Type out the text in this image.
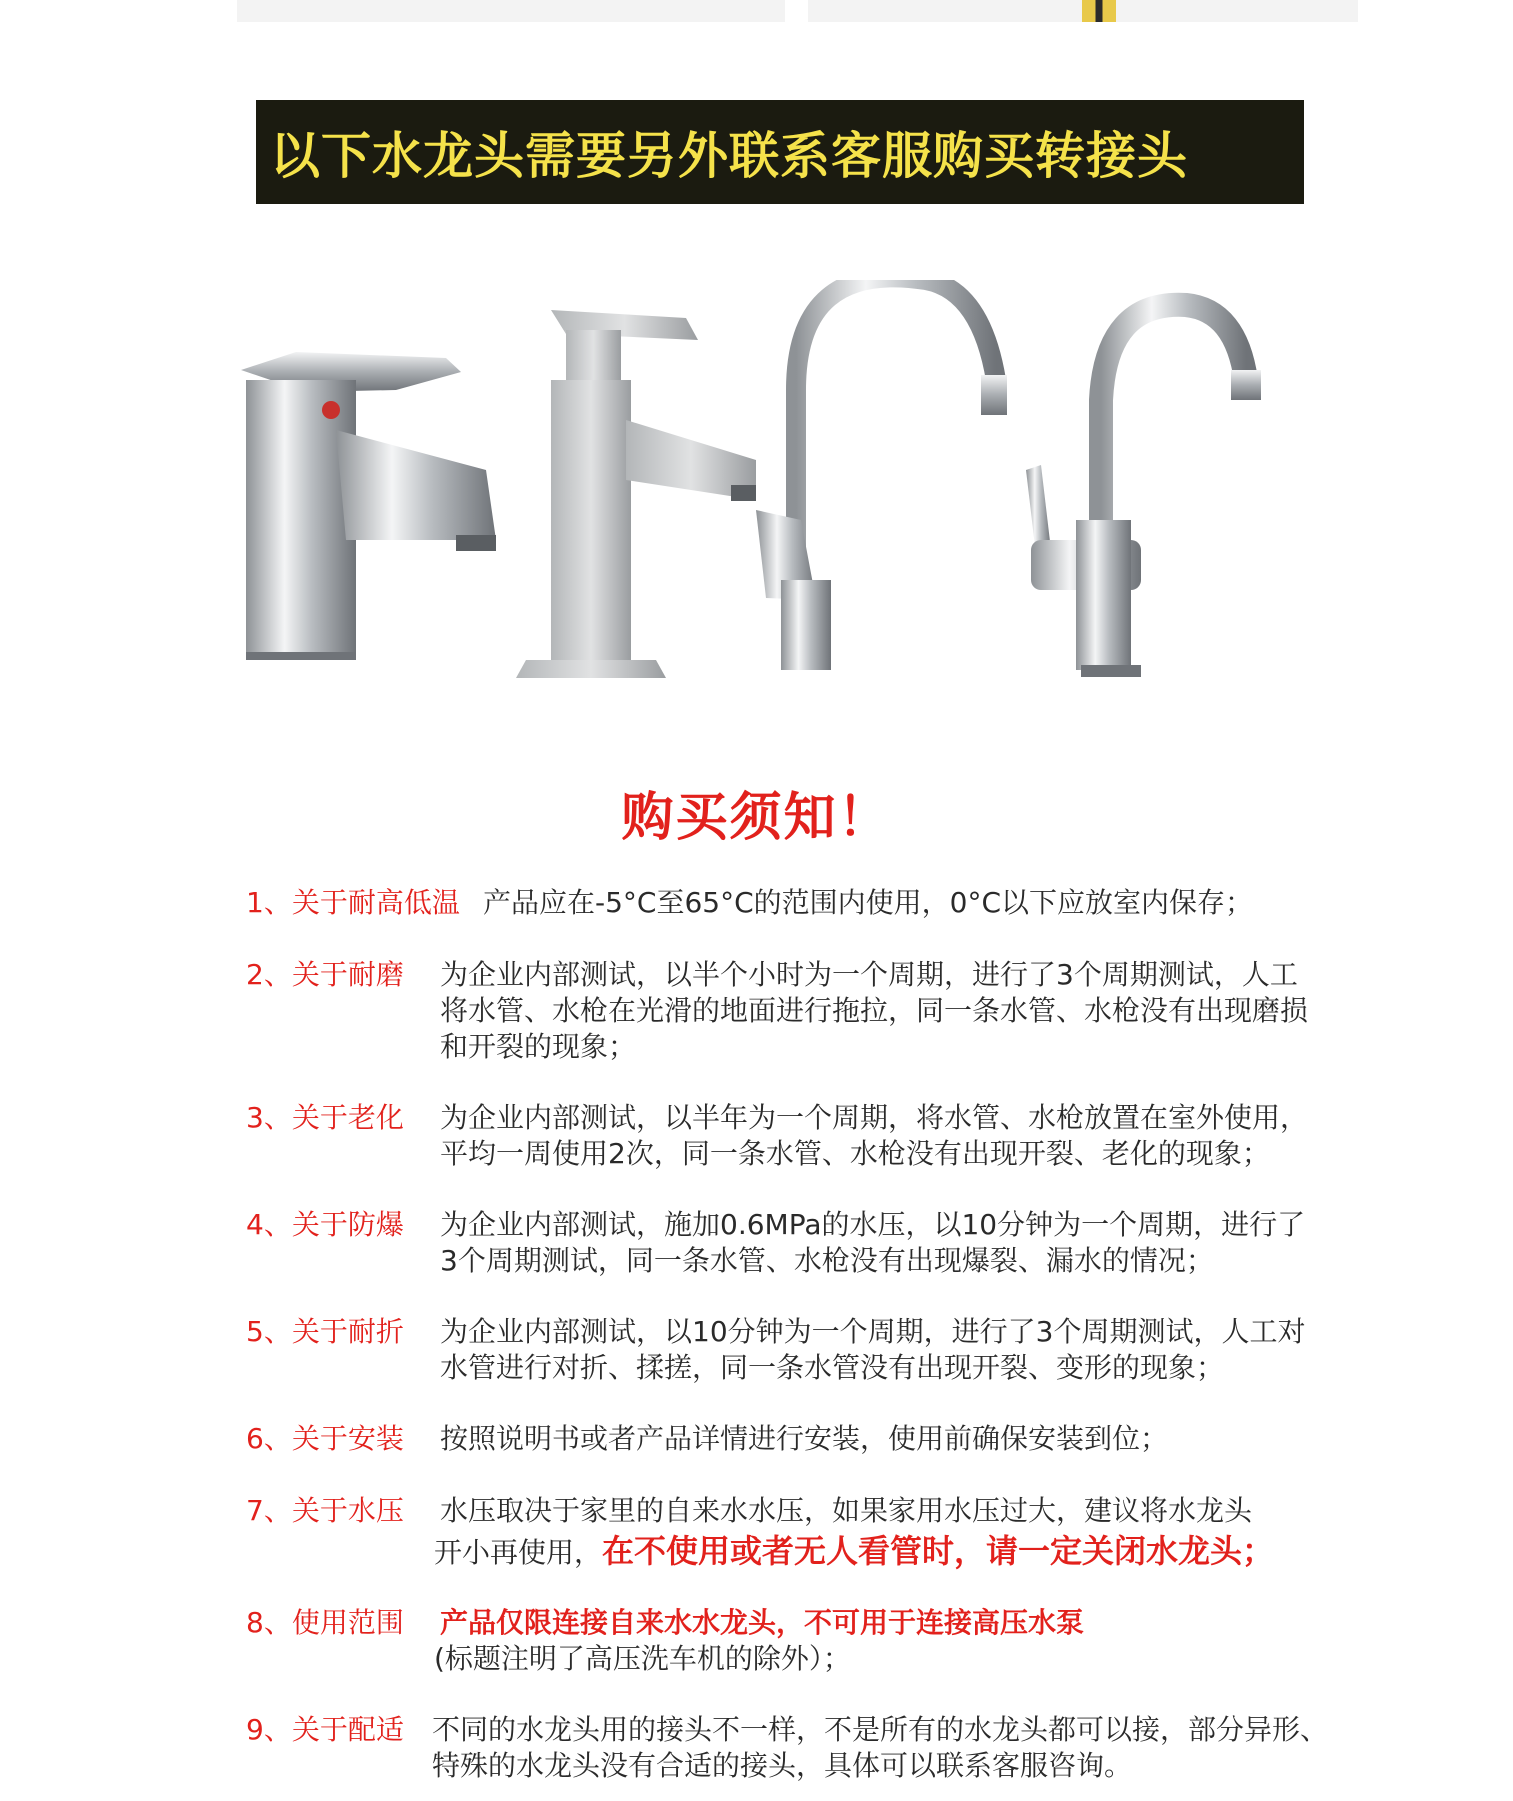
以下水龙头需要另外联系客服购买转接头
购买须知！
1、关于耐高低温 产品应在-5°C至65°C的范围内使用，0°C以下应放室内保存；
2、关于耐磨 为企业内部测试，以半个小时为一个周期，进行了3个周期测试，人工
将水管、水枪在光滑的地面进行拖拉，同一条水管、水枪没有出现磨损
和开裂的现象；
3、关于老化 为企业内部测试，以半年为一个周期，将水管、水枪放置在室外使用，
平均一周使用2次，同一条水管、水枪没有出现开裂、老化的现象；
4、关于防爆 为企业内部测试，施加0.6MPa的水压，以10分钟为一个周期，进行了
3个周期测试，同一条水管、水枪没有出现爆裂、漏水的情况；
5、关于耐折 为企业内部测试，以10分钟为一个周期，进行了3个周期测试，人工对
水管进行对折、揉搓，同一条水管没有出现开裂、变形的现象；
6、关于安装 按照说明书或者产品详情进行安装，使用前确保安装到位；
7、关于水压 水压取决于家里的自来水水压，如果家用水压过大，建议将水龙头
开小再使用，在不使用或者无人看管时，请一定关闭水龙头；
8、使用范围 产品仅限连接自来水水龙头，不可用于连接高压水泵
(标题注明了高压洗车机的除外）；
9、关于配适 不同的水龙头用的接头不一样，不是所有的水龙头都可以接，部分异形、
特殊的水龙头没有合适的接头，具体可以联系客服咨询。
